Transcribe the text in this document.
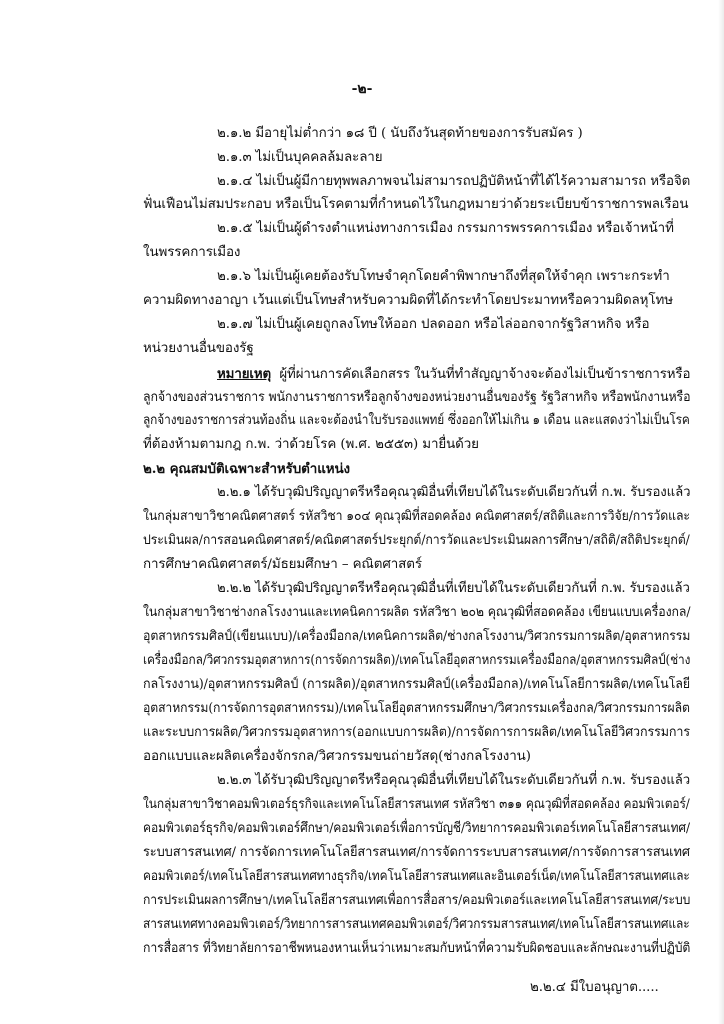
-๒-
๒.๑.๒ มีอายุไม่ต่ำกว่า ๑๘ ปี ( นับถึงวันสุดท้ายของการรับสมัคร )
๒.๑.๓ ไม่เป็นบุคคลล้มละลาย
๒.๑.๔ ไม่เป็นผู้มีกายทุพพลภาพจนไม่สามารถปฏิบัติหน้าที่ได้ไร้ความสามารถ หรือจิต
ฟั่นเฟือนไม่สมประกอบ หรือเป็นโรคตามที่กำหนดไว้ในกฎหมายว่าด้วยระเบียบข้าราชการพลเรือน
๒.๑.๕ ไม่เป็นผู้ดำรงตำแหน่งทางการเมือง กรรมการพรรคการเมือง หรือเจ้าหน้าที่
ในพรรคการเมือง
๒.๑.๖ ไม่เป็นผู้เคยต้องรับโทษจำคุกโดยคำพิพากษาถึงที่สุดให้จำคุก เพราะกระทำ
ความผิดทางอาญา เว้นแต่เป็นโทษสำหรับความผิดที่ได้กระทำโดยประมาทหรือความผิดลหุโทษ
๒.๑.๗ ไม่เป็นผู้เคยถูกลงโทษให้ออก ปลดออก หรือไล่ออกจากรัฐวิสาหกิจ หรือ
หน่วยงานอื่นของรัฐ
หมายเหตุ ผู้ที่ผ่านการคัดเลือกสรร ในวันที่ทำสัญญาจ้างจะต้องไม่เป็นข้าราชการหรือ
ลูกจ้างของส่วนราชการ พนักงานราชการหรือลูกจ้างของหน่วยงานอื่นของรัฐ รัฐวิสาหกิจ หรือพนักงานหรือ
ลูกจ้างของราชการส่วนท้องถิ่น และจะต้องนำใบรับรองแพทย์ ซึ่งออกให้ไม่เกิน ๑ เดือน และแสดงว่าไม่เป็นโรค
ที่ต้องห้ามตามกฎ ก.พ. ว่าด้วยโรค (พ.ศ. ๒๕๕๓) มายื่นด้วย
๒.๒ คุณสมบัติเฉพาะสำหรับตำแหน่ง
๒.๒.๑ ได้รับวุฒิปริญญาตรีหรือคุณวุฒิอื่นที่เทียบได้ในระดับเดียวกันที่ ก.พ. รับรองแล้ว
ในกลุ่มสาขาวิชาคณิตศาสตร์ รหัสวิชา ๑๐๔ คุณวุฒิที่สอดคล้อง คณิตศาสตร์/สถิติและการวิจัย/การวัดและ
ประเมินผล/การสอนคณิตศาสตร์/คณิตศาสตร์ประยุกต์/การวัดและประเมินผลการศึกษา/สถิติ/สถิติประยุกต์/
การศึกษาคณิตศาสตร์/มัธยมศึกษา – คณิตศาสตร์
๒.๒.๒ ได้รับวุฒิปริญญาตรีหรือคุณวุฒิอื่นที่เทียบได้ในระดับเดียวกันที่ ก.พ. รับรองแล้ว
ในกลุ่มสาขาวิชาช่างกลโรงงานและเทคนิคการผลิต รหัสวิชา ๒๐๒ คุณวุฒิที่สอดคล้อง เขียนแบบเครื่องกล/
อุตสาหกรรมศิลป์(เขียนแบบ)/เครื่องมือกล/เทคนิคการผลิต/ช่างกลโรงงาน/วิศวกรรมการผลิต/อุตสาหกรรม
เครื่องมือกล/วิศวกรรมอุตสาหการ(การจัดการผลิต)/เทคโนโลยีอุตสาหกรรมเครื่องมือกล/อุตสาหกรรมศิลป์(ช่าง
กลโรงงาน)/อุตสาหกรรมศิลป์ (การผลิต)/อุตสาหกรรมศิลป์(เครื่องมือกล)/เทคโนโลยีการผลิต/เทคโนโลยี
อุตสาหกรรม(การจัดการอุตสาหกรรม)/เทคโนโลยีอุตสาหกรรมศึกษา/วิศวกรรมเครื่องกล/วิศวกรรมการผลิต
และระบบการผลิต/วิศวกรรมอุตสาหการ(ออกแบบการผลิต)/การจัดการการผลิต/เทคโนโลยีวิศวกรรมการ
ออกแบบและผลิตเครื่องจักรกล/วิศวกรรมขนถ่ายวัสดุ(ช่างกลโรงงาน)
๒.๒.๓ ได้รับวุฒิปริญญาตรีหรือคุณวุฒิอื่นที่เทียบได้ในระดับเดียวกันที่ ก.พ. รับรองแล้ว
ในกลุ่มสาขาวิชาคอมพิวเตอร์ธุรกิจและเทคโนโลยีสารสนเทศ รหัสวิชา ๓๑๑ คุณวุฒิที่สอดคล้อง คอมพิวเตอร์/
คอมพิวเตอร์ธุรกิจ/คอมพิวเตอร์ศึกษา/คอมพิวเตอร์เพื่อการบัญชี/วิทยาการคอมพิวเตอร์เทคโนโลยีสารสนเทศ/
ระบบสารสนเทศ/ การจัดการเทคโนโลยีสารสนเทศ/การจัดการระบบสารสนเทศ/การจัดการสารสนเทศ
คอมพิวเตอร์/เทคโนโลยีสารสนเทศทางธุรกิจ/เทคโนโลยีสารสนเทศและอินเตอร์เน็ต/เทคโนโลยีสารสนเทศและ
การประเมินผลการศึกษา/เทคโนโลยีสารสนเทศเพื่อการสื่อสาร/คอมพิวเตอร์และเทคโนโลยีสารสนเทศ/ระบบ
สารสนเทศทางคอมพิวเตอร์/วิทยาการสารสนเทศคอมพิวเตอร์/วิศวกรรมสารสนเทศ/เทคโนโลยีสารสนเทศและ
การสื่อสาร ที่วิทยาลัยการอาชีพหนองหานเห็นว่าเหมาะสมกับหน้าที่ความรับผิดชอบและลักษณะงานที่ปฏิบัติ
๒.๒.๔ มีใบอนุญาต.....
